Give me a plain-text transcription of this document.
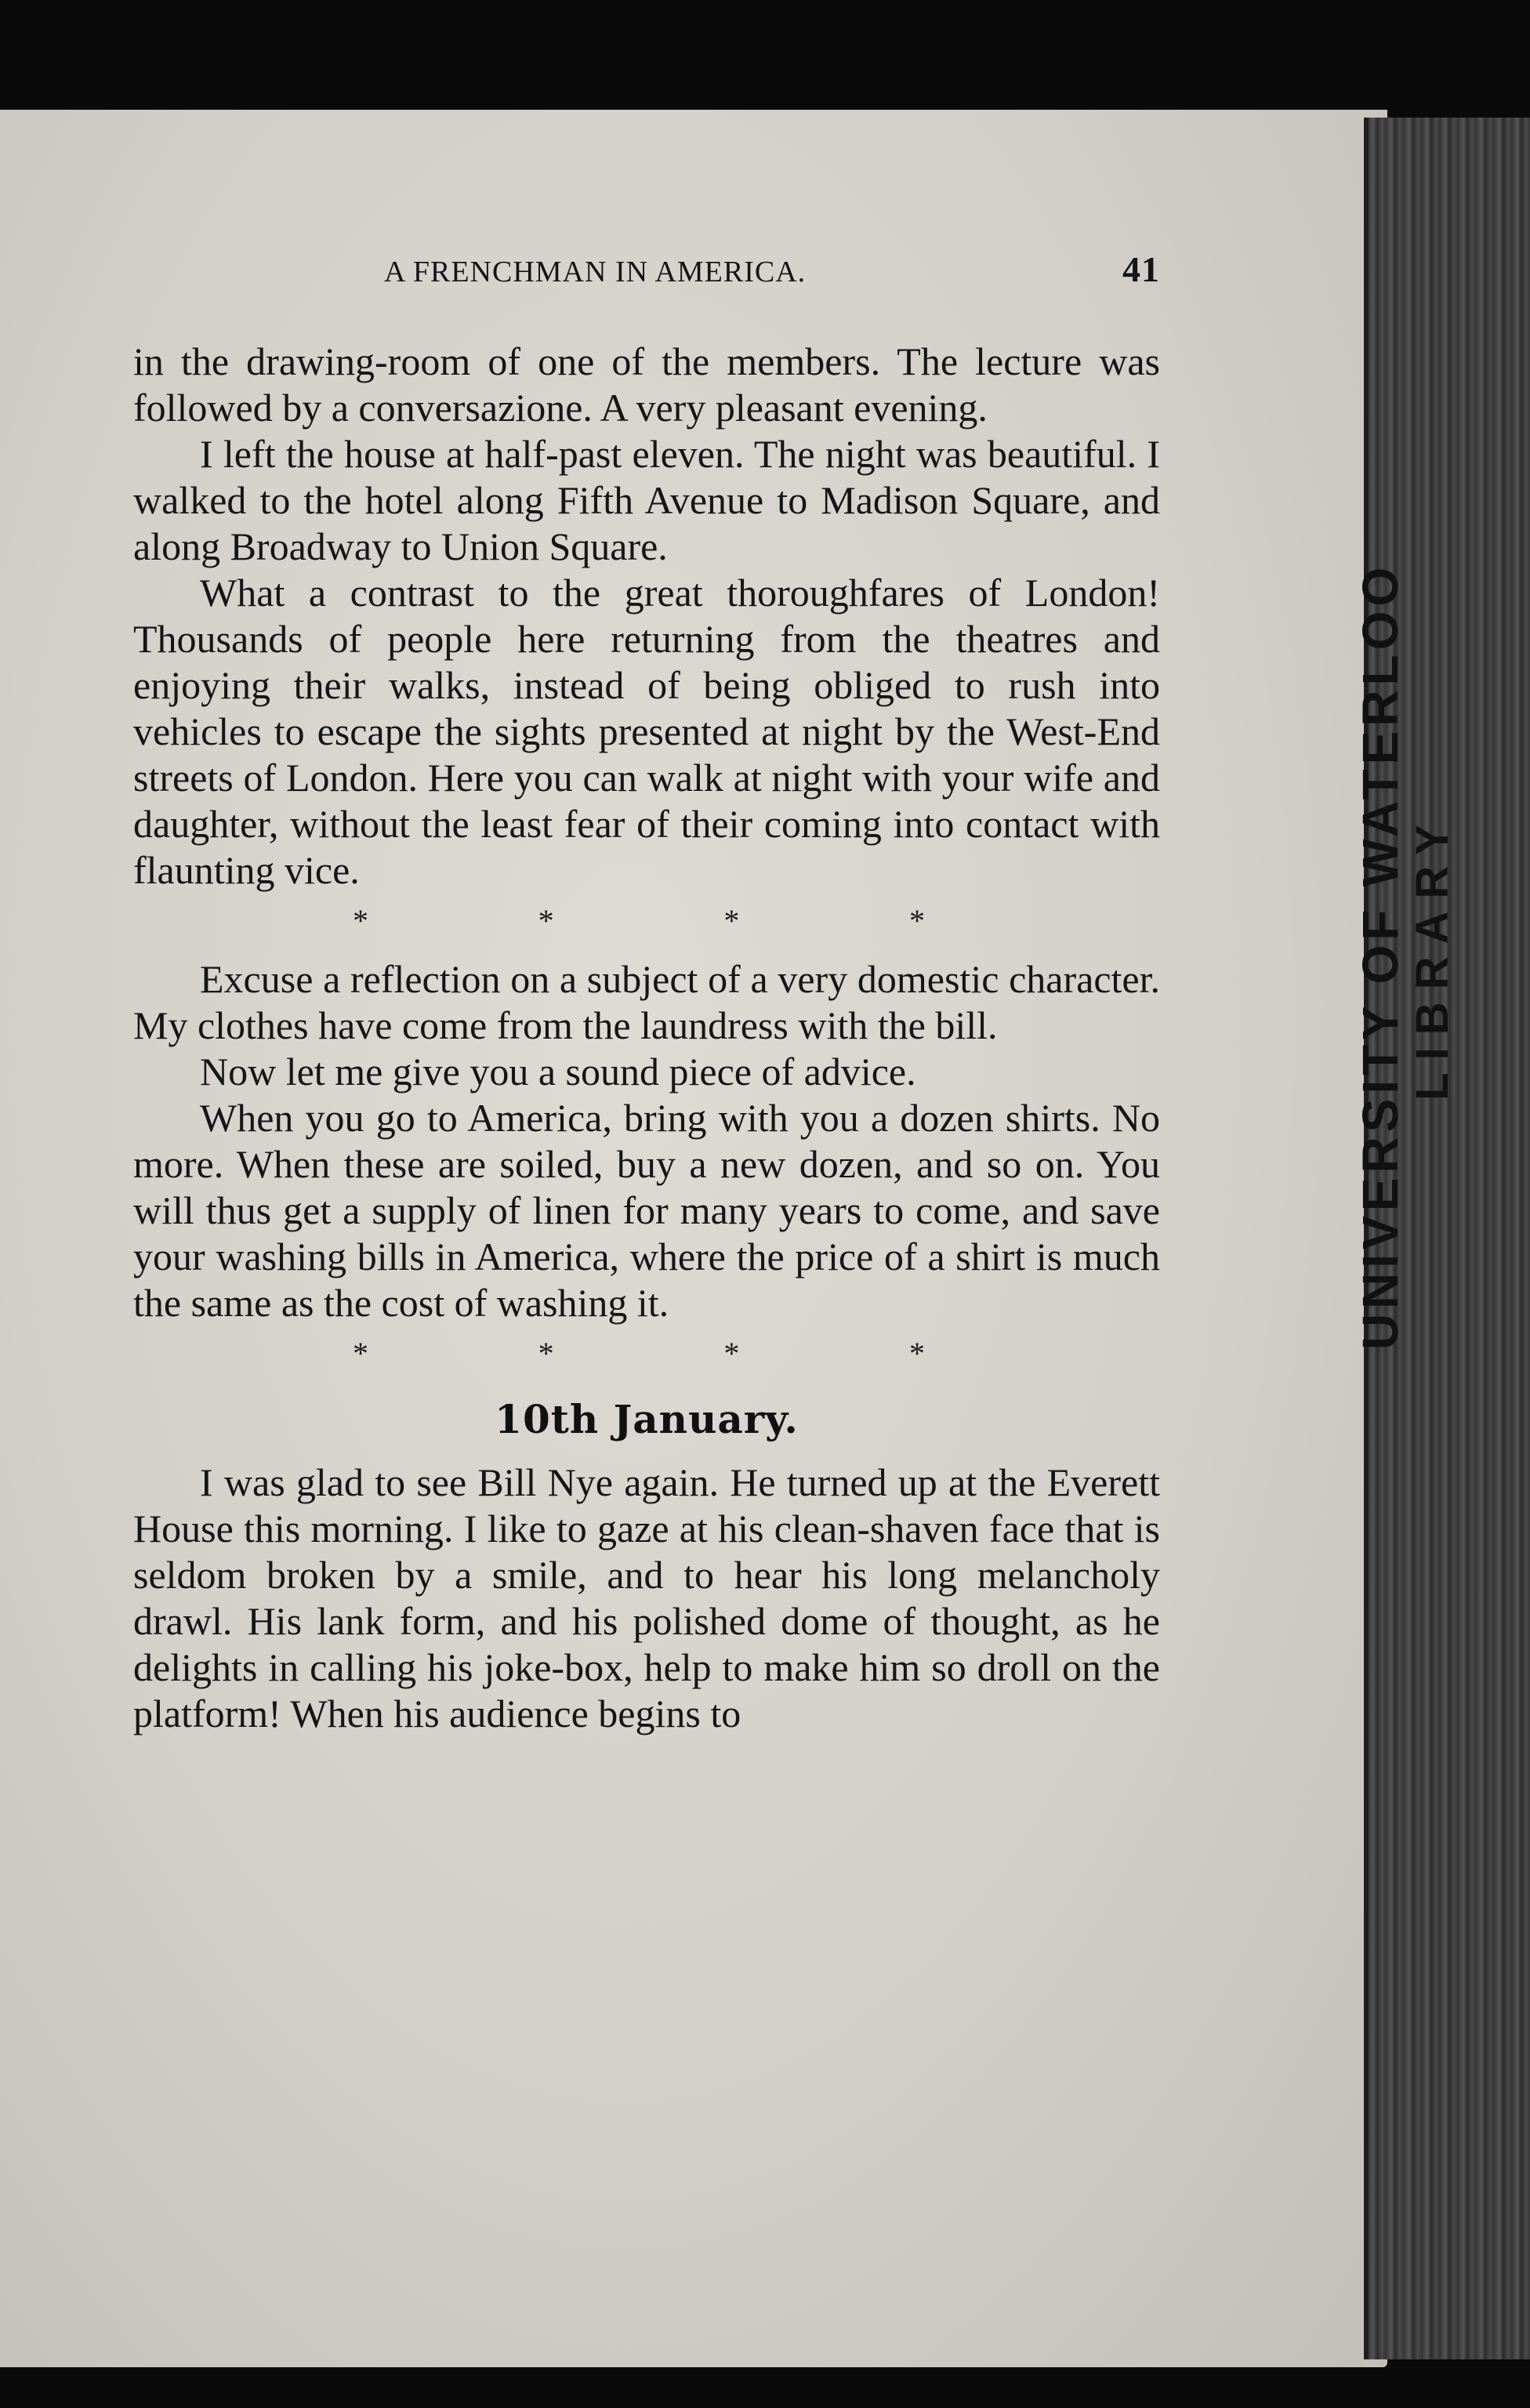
UNIVERSITY OF WATERLOO
LIBRARY
A FRENCHMAN IN AMERICA.	41

in the drawing-room of one of the members. The lecture was followed by a conversazione. A very pleasant evening.

I left the house at half-past eleven. The night was beautiful. I walked to the hotel along Fifth Avenue to Madison Square, and along Broadway to Union Square.

What a contrast to the great thoroughfares of London! Thousands of people here returning from the theatres and enjoying their walks, instead of being obliged to rush into vehicles to escape the sights presented at night by the West-End streets of London. Here you can walk at night with your wife and daughter, without the least fear of their coming into contact with flaunting vice.

*	*	*	*

Excuse a reflection on a subject of a very domestic character. My clothes have come from the laundress with the bill.

Now let me give you a sound piece of advice.

When you go to America, bring with you a dozen shirts. No more. When these are soiled, buy a new dozen, and so on. You will thus get a supply of linen for many years to come, and save your washing bills in America, where the price of a shirt is much the same as the cost of washing it.

*	*	*	*
10th January.

I was glad to see Bill Nye again. He turned up at the Everett House this morning. I like to gaze at his clean-shaven face that is seldom broken by a smile, and to hear his long melancholy drawl. His lank form, and his polished dome of thought, as he delights in calling his joke-box, help to make him so droll on the platform! When his audience begins to
